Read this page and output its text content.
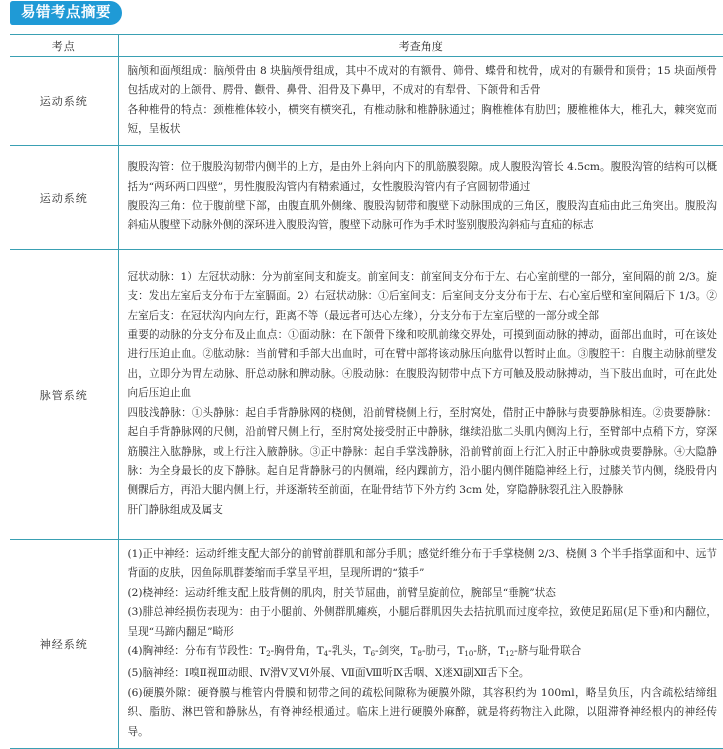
易错考点摘要
考点	考查角度
运动系统	脑颅和面颅组成：脑颅骨由 8 块脑颅骨组成，其中不成对的有额骨、筛骨、蝶骨和枕骨，成对的有颞骨和顶骨；15 块面颅骨包括成对的上颌骨、腭骨、颧骨、鼻骨、泪骨及下鼻甲，不成对的有犁骨、下颌骨和舌骨
各种椎骨的特点：颈椎椎体较小，横突有横突孔，有椎动脉和椎静脉通过；胸椎椎体有肋凹；腰椎椎体大，椎孔大，棘突宽而短，呈板状

运动系统	腹股沟管：位于腹股沟韧带内侧半的上方，是由外上斜向内下的肌筋膜裂隙。成人腹股沟管长 4.5cm。腹股沟管的结构可以概括为“两环两口四壁”，男性腹股沟管内有精索通过，女性腹股沟管内有子宫圆韧带通过
腹股沟三角：位于腹前壁下部，由腹直肌外侧缘、腹股沟韧带和腹壁下动脉围成的三角区，腹股沟直疝由此三角突出。腹股沟斜疝从腹壁下动脉外侧的深环进入腹股沟管，腹壁下动脉可作为手术时鉴别腹股沟斜疝与直疝的标志

脉管系统	冠状动脉：1）左冠状动脉：分为前室间支和旋支。前室间支：前室间支分布于左、右心室前壁的一部分，室间隔的前 2/3。旋支：发出左室后支分布于左室膈面。2）右冠状动脉：①后室间支：后室间支分支分布于左、右心室后壁和室间隔后下 1/3。②左室后支：在冠状沟内向左行，距离不等（最远者可达心左缘），分支分布于左室后壁的一部分或全部
重要的动脉的分支分布及止血点：①面动脉：在下颌骨下缘和咬肌前缘交界处，可摸到面动脉的搏动，面部出血时，可在该处进行压迫止血。②肱动脉：当前臂和手部大出血时，可在臂中部将该动脉压向肱骨以暂时止血。③腹腔干：自腹主动脉前壁发出，立即分为胃左动脉、肝总动脉和脾动脉。④股动脉：在腹股沟韧带中点下方可触及股动脉搏动，当下肢出血时，可在此处向后压迫止血
四肢浅静脉：①头静脉：起自手背静脉网的桡侧，沿前臂桡侧上行，至肘窝处，借肘正中静脉与贵要静脉相连。②贵要静脉：起自手背静脉网的尺侧，沿前臂尺侧上行，至肘窝处接受肘正中静脉，继续沿肱二头肌内侧沟上行，至臂部中点稍下方，穿深筋膜注入肱静脉，或上行注入腋静脉。③正中静脉：起自手掌浅静脉，沿前臂前面上行汇入肘正中静脉或贵要静脉。④大隐静脉：为全身最长的皮下静脉。起自足背静脉弓的内侧端，经内踝前方，沿小腿内侧伴随隐神经上行，过膝关节内侧，绕股骨内侧髁后方，再沿大腿内侧上行，并逐渐转至前面，在耻骨结节下外方约 3cm 处，穿隐静脉裂孔注入股静脉
肝门静脉组成及属支

神经系统	
(1)正中神经：运动纤维支配大部分的前臂前群肌和部分手肌；感觉纤维分布于手掌桡侧 2/3、桡侧 3 个半手指掌面和中、远节背面的皮肤，因鱼际肌群萎缩而手掌呈平坦，呈现所谓的“猿手”
(2)桡神经：运动纤维支配上肢背侧的肌肉，肘关节屈曲，前臂呈旋前位，腕部呈“垂腕”状态
(3)腓总神经损伤表现为：由于小腿前、外侧群肌瘫痪，小腿后群肌因失去拮抗肌而过度牵拉，致使足跖屈(足下垂)和内翻位，呈现“马蹄内翻足”畸形
(4)胸神经：分布有节段性：$T_2-$胸骨角，$T_4-$乳头，$T_6-$剑突，$T_8-$肋弓，$T_{10}-$脐，$T_{12}-$脐与耻骨联合
(5)脑神经：Ⅰ嗅Ⅱ视Ⅲ动眼、Ⅳ滑Ⅴ叉Ⅵ外展、Ⅶ面Ⅷ听Ⅸ舌咽、Ⅹ迷Ⅺ副Ⅻ舌下全。
(6)硬膜外隙：硬脊膜与椎管内骨膜和韧带之间的疏松间隙称为硬膜外隙，其容积约为 100ml，略呈负压，内含疏松结缔组织、脂肪、淋巴管和静脉丛，有脊神经根通过。临床上进行硬膜外麻醉，就是将药物注入此隙，以阻滞脊神经根内的神经传导。
